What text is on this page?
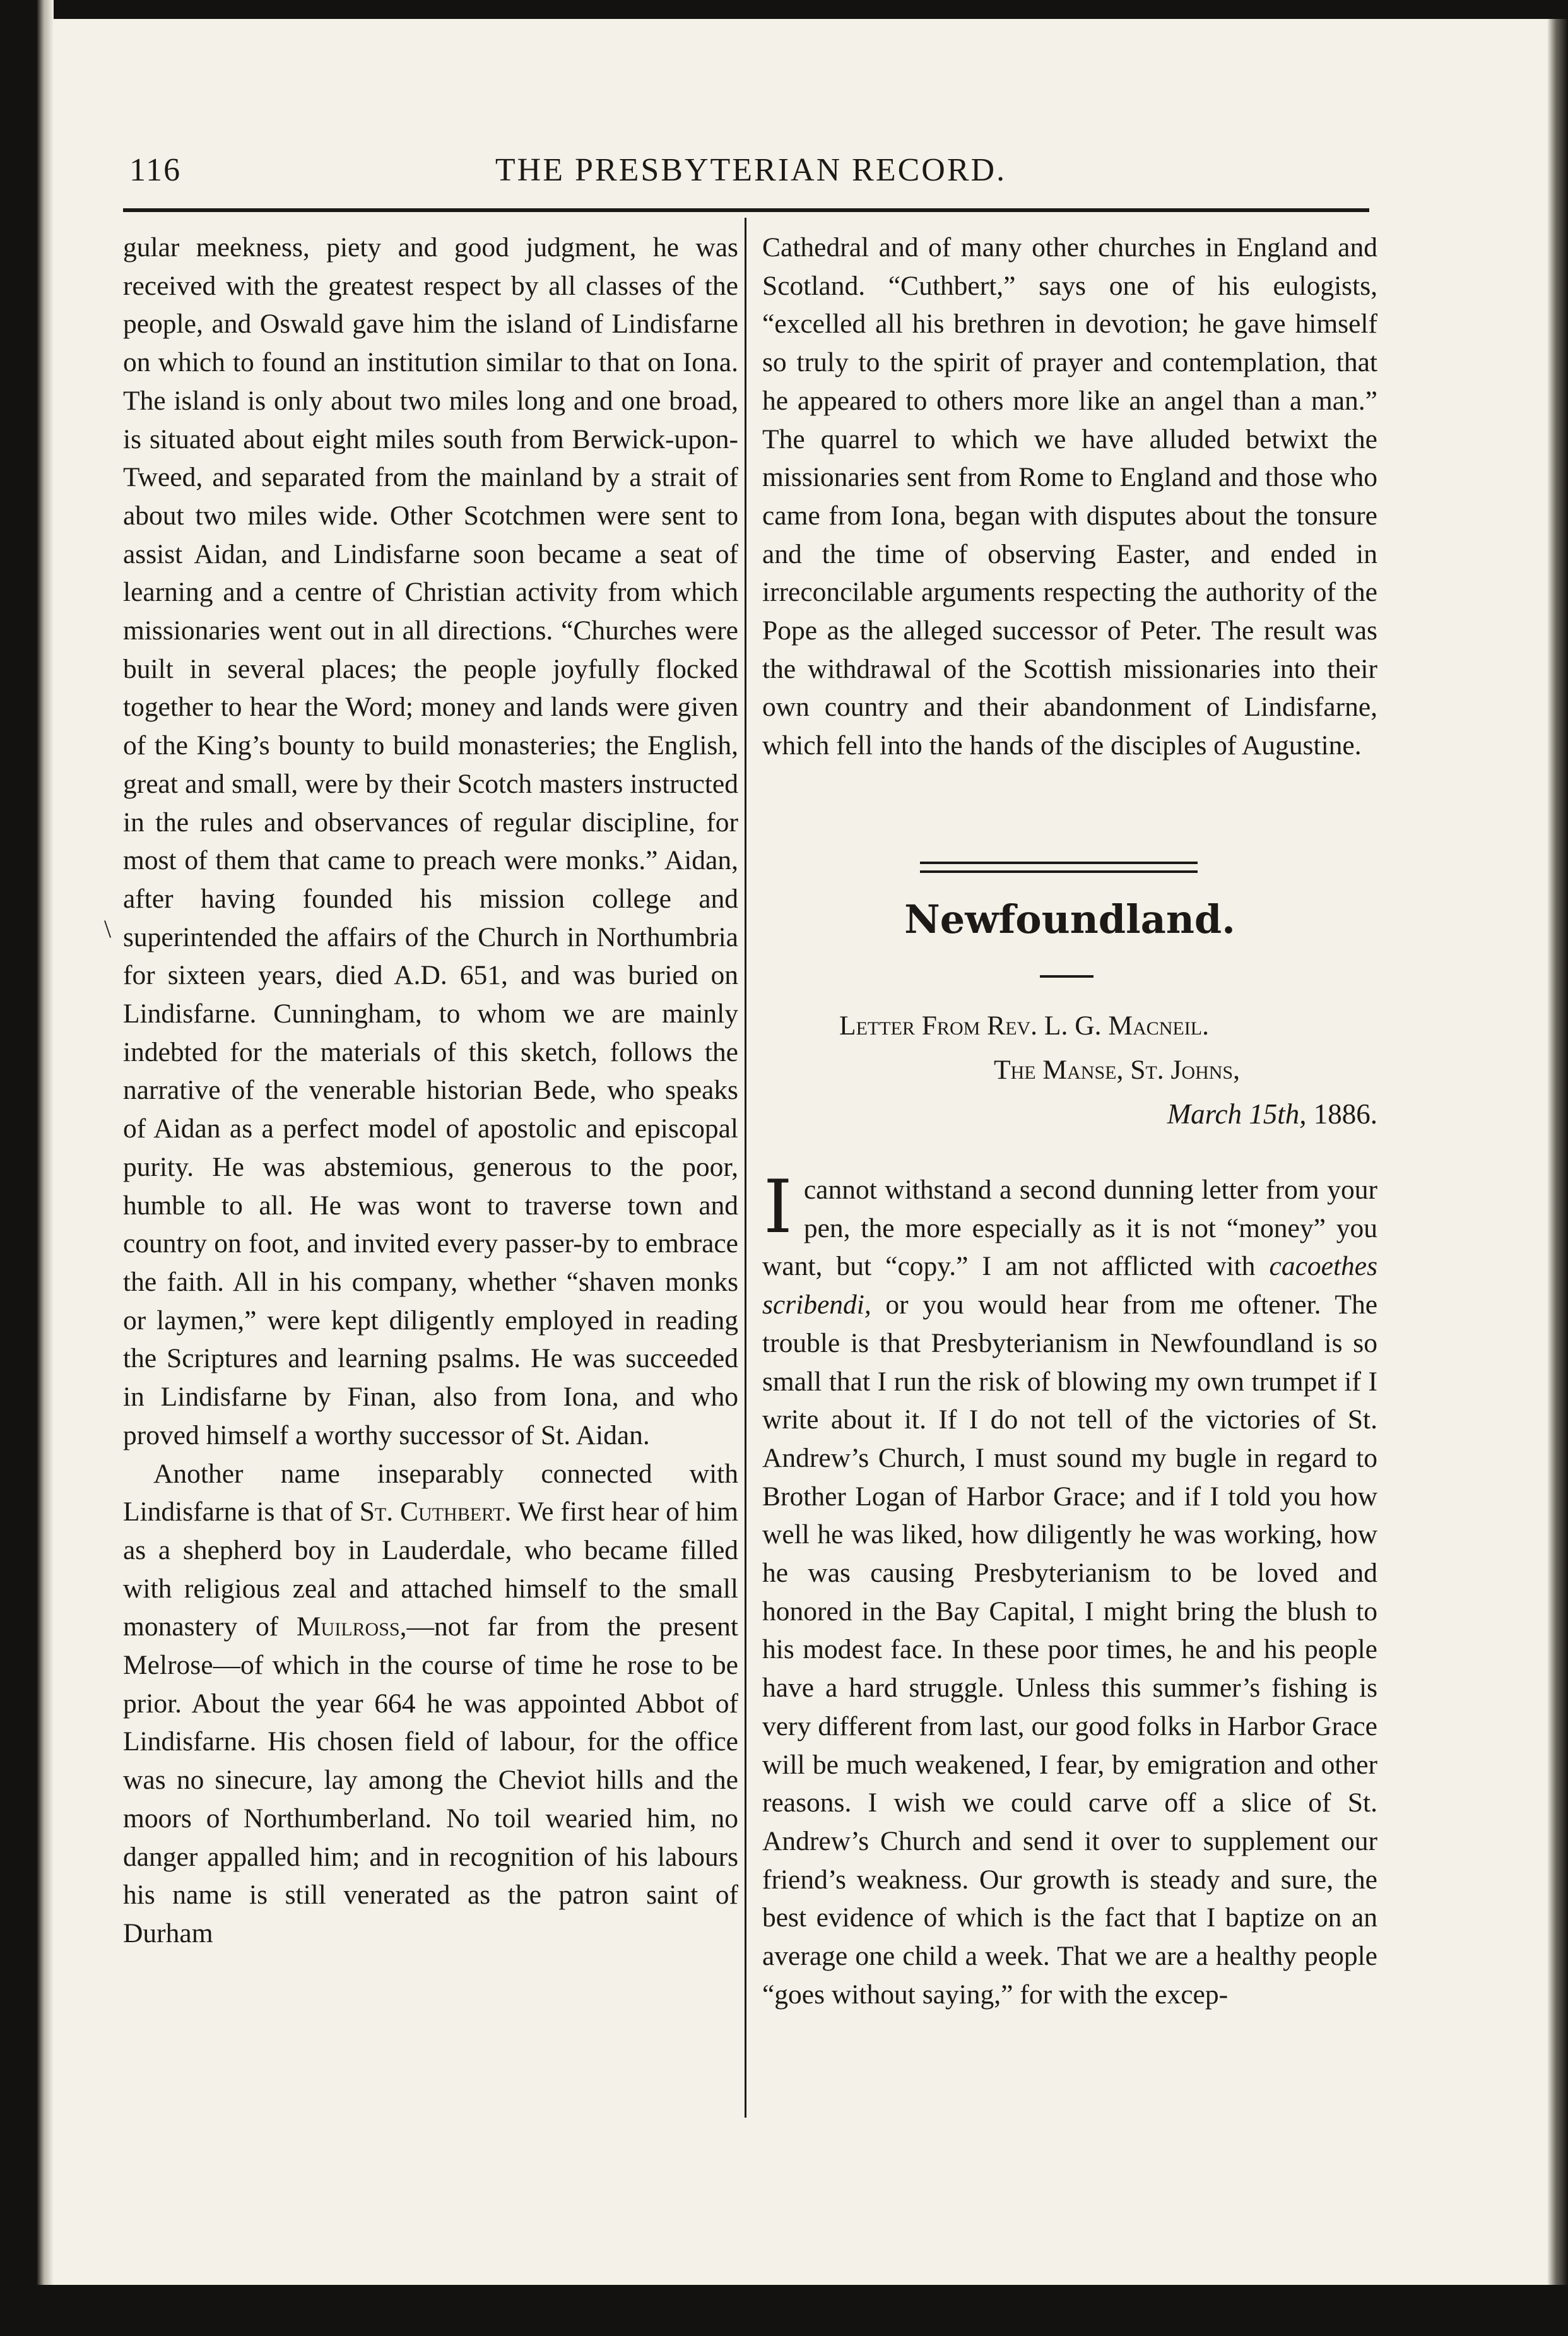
116	THE PRESBYTERIAN RECORD.
\

gular meekness, piety and good judgment, he was received with the greatest respect by all classes of the people, and Oswald gave him the island of Lindisfarne on which to found an institution similar to that on Iona. The island is only about two miles long and one broad, is situated about eight miles south from Berwick-upon-Tweed, and separated from the mainland by a strait of about two miles wide. Other Scotchmen were sent to assist Aidan, and Lindisfarne soon became a seat of learning and a centre of Christian activity from which missionaries went out in all directions. “Churches were built in several places; the people joyfully flocked together to hear the Word; money and lands were given of the King’s bounty to build monasteries; the English, great and small, were by their Scotch masters instructed in the rules and observances of regular discipline, for most of them that came to preach were monks.” Aidan, after having founded his mission college and superintended the affairs of the Church in Northumbria for sixteen years, died A.D. 651, and was buried on Lindisfarne. Cunningham, to whom we are mainly indebted for the materials of this sketch, follows the narrative of the venerable historian Bede, who speaks of Aidan as a perfect model of apostolic and episcopal purity. He was abstemious, generous to the poor, humble to all. He was wont to traverse town and country on foot, and invited every passer-by to embrace the faith. All in his company, whether “shaven monks or laymen,” were kept diligently employed in reading the Scriptures and learning psalms. He was succeeded in Lindisfarne by Finan, also from Iona, and who proved himself a worthy successor of St. Aidan.

Another name inseparably connected with Lindisfarne is that of St. Cuthbert. We first hear of him as a shepherd boy in Lauderdale, who became filled with religious zeal and attached himself to the small monastery of Muilross,—not far from the present Melrose—of which in the course of time he rose to be prior. About the year 664 he was appointed Abbot of Lindisfarne. His chosen field of labour, for the office was no sinecure, lay among the Cheviot hills and the moors of Northumberland. No toil wearied him, no danger appalled him; and in recognition of his labours his name is still venerated as the patron saint of Durham

Cathedral and of many other churches in England and Scotland. “Cuthbert,” says one of his eulogists, “excelled all his brethren in devotion; he gave himself so truly to the spirit of prayer and contemplation, that he appeared to others more like an angel than a man.” The quarrel to which we have alluded betwixt the missionaries sent from Rome to England and those who came from Iona, began with disputes about the tonsure and the time of observing Easter, and ended in irreconcilable arguments respecting the authority of the Pope as the alleged successor of Peter. The result was the withdrawal of the Scottish missionaries into their own country and their abandonment of Lindisfarne, which fell into the hands of the disciples of Augustine.

Newfoundland.
Letter From Rev. L. G. Macneil.
The Manse, St. Johns,
March 15th, 1886.
I cannot withstand a second dunning letter from your pen, the more especially as it is not “money” you want, but “copy.” I am not afflicted with cacoethes scribendi, or you would hear from me oftener. The trouble is that Presbyterianism in Newfoundland is so small that I run the risk of blowing my own trumpet if I write about it. If I do not tell of the victories of St. Andrew’s Church, I must sound my bugle in regard to Brother Logan of Harbor Grace; and if I told you how well he was liked, how diligently he was working, how he was causing Presbyterianism to be loved and honored in the Bay Capital, I might bring the blush to his modest face. In these poor times, he and his people have a hard struggle. Unless this summer’s fishing is very different from last, our good folks in Harbor Grace will be much weakened, I fear, by emigration and other reasons. I wish we could carve off a slice of St. Andrew’s Church and send it over to supplement our friend’s weakness. Our growth is steady and sure, the best evidence of which is the fact that I baptize on an average one child a week. That we are a healthy people “goes without saying,” for with the excep-
